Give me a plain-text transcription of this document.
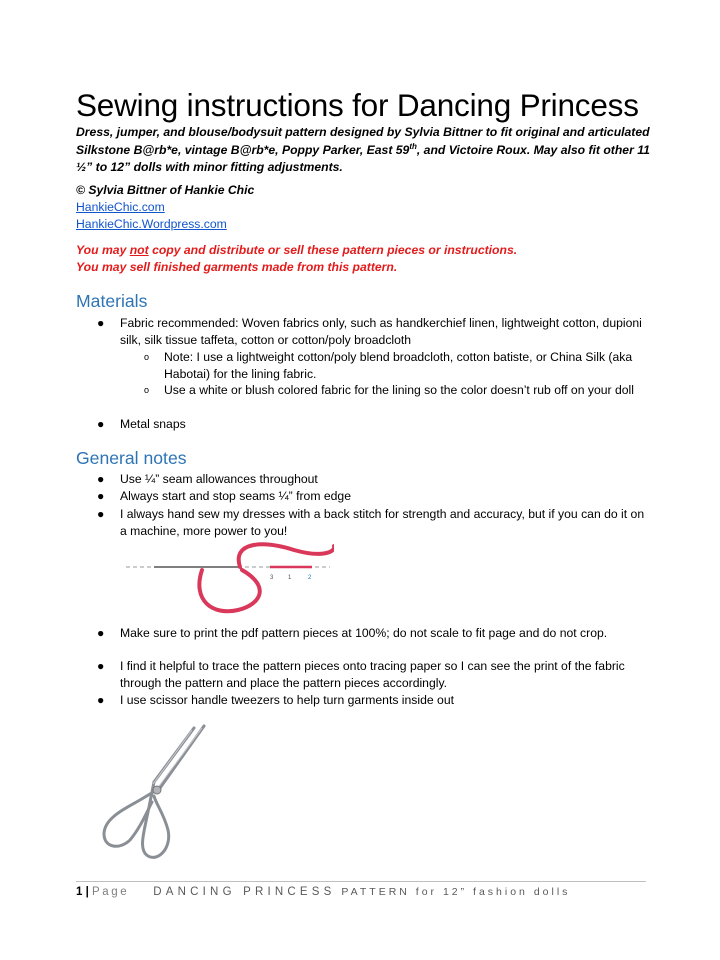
Sewing instructions for Dancing Princess
Dress, jumper, and blouse/bodysuit pattern designed by Sylvia Bittner to fit original and articulated Silkstone B@rb*e, vintage B@rb*e, Poppy Parker, East 59th, and Victoire Roux. May also fit other 11 ½” to 12” dolls with minor fitting adjustments.
© Sylvia Bittner of Hankie Chic
HankieChic.com
HankieChic.Wordpress.com
You may not copy and distribute or sell these pattern pieces or instructions.
You may sell finished garments made from this pattern.
Materials
● Fabric recommended: Woven fabrics only, such as handkerchief linen, lightweight cotton, dupioni silk, silk tissue taffeta, cotton or cotton/poly broadcloth
o Note: I use a lightweight cotton/poly blend broadcloth, cotton batiste, or China Silk (aka Habotai) for the lining fabric.
o Use a white or blush colored fabric for the lining so the color doesn’t rub off on your doll
● Metal snaps
General notes
● Use ¼” seam allowances throughout
● Always start and stop seams ¼” from edge
● I always hand sew my dresses with a back stitch for strength and accuracy, but if you can do it on a machine, more power to you!
3 1	2
● Make sure to print the pdf pattern pieces at 100%; do not scale to fit page and do not crop.
● I find it helpful to trace the pattern pieces onto tracing paper so I can see the print of the fabric through the pattern and place the pattern pieces accordingly.
● I use scissor handle tweezers to help turn garments inside out
1 | Page DANCING PRINCESS PATTERN for 12” fashion dolls
